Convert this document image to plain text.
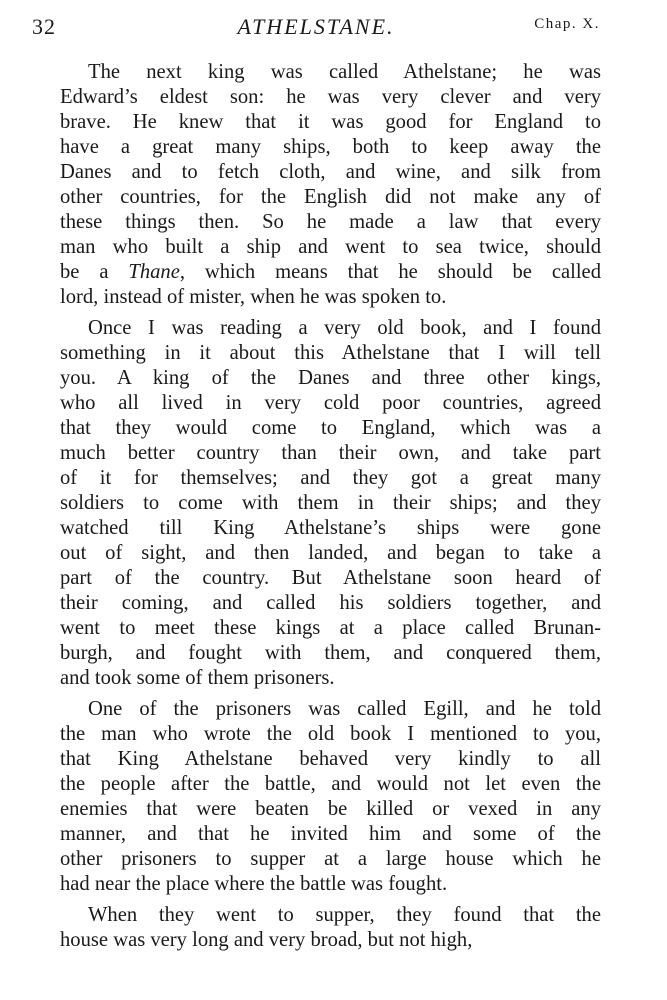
32	ATHELSTANE.	Chap. X.
The next king was called Athelstane; he was
Edward’s eldest son: he was very clever and very
brave. He knew that it was good for England to
have a great many ships, both to keep away the
Danes and to fetch cloth, and wine, and silk from
other countries, for the English did not make any of
these things then. So he made a law that every
man who built a ship and went to sea twice, should
be a Thane, which means that he should be called
lord, instead of mister, when he was spoken to.
Once I was reading a very old book, and I found
something in it about this Athelstane that I will tell
you. A king of the Danes and three other kings,
who all lived in very cold poor countries, agreed
that they would come to England, which was a
much better country than their own, and take part
of it for themselves; and they got a great many
soldiers to come with them in their ships; and they
watched till King Athelstane’s ships were gone
out of sight, and then landed, and began to take a
part of the country. But Athelstane soon heard of
their coming, and called his soldiers together, and
went to meet these kings at a place called Brunan-
burgh, and fought with them, and conquered them,
and took some of them prisoners.
One of the prisoners was called Egill, and he told
the man who wrote the old book I mentioned to you,
that King Athelstane behaved very kindly to all
the people after the battle, and would not let even the
enemies that were beaten be killed or vexed in any
manner, and that he invited him and some of the
other prisoners to supper at a large house which he
had near the place where the battle was fought.
When they went to supper, they found that the
house was very long and very broad, but not high,
